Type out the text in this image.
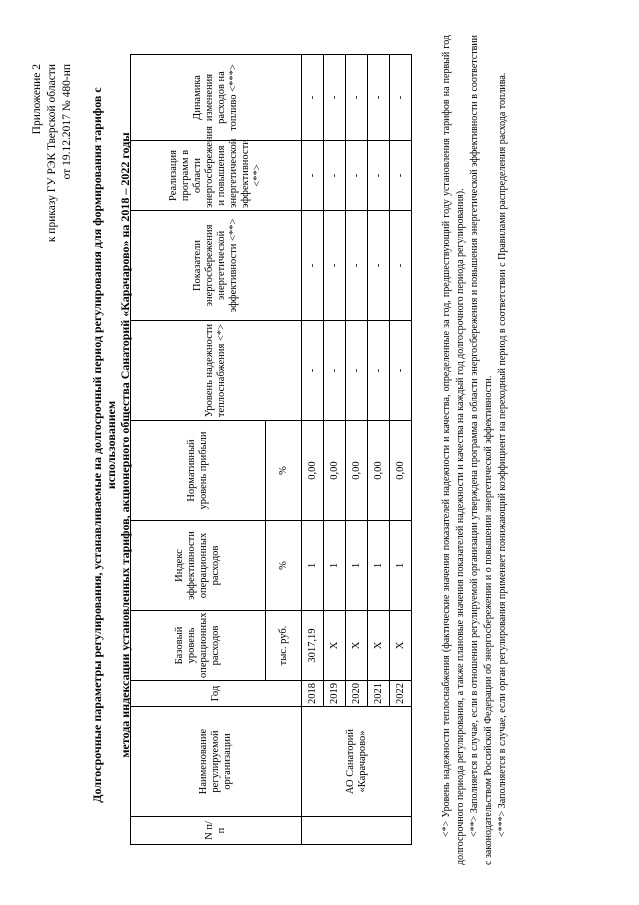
Приложение 2 к приказу ГУ РЭК Тверской области от 19.12.2017 № 480-нп Долгосрочные параметры регулирования, устанавливаемые на долгосрочный период регулирования для формирования тарифов с использованием метода индексации установленных тарифов, акционерного общества Санаторий «Карачарово» на 2018 – 2022 годы
N п/п	Наименование регулируемой организации	Год	Базовый уровень операционных расходов	Индекс эффективности операционных расходов	Нормативный уровень прибыли	Уровень надежности теплоснабжения <*>	Показатели энергосбережения энергетической эффективности <**>	Реализация программ в области энергосбережения и повышения энергетической эффективности <**>	Динамика изменения расходов на топливо <***>
			тыс. руб.	%	%				
	АО Санаторий «Карачарово»	2018	3017,19	1	0,00	-	-	-	-
		2019	Х	1	0,00	-	-	-	-
		2020	Х	1	0,00	-	-	-	-
		2021	Х	1	0,00	-	-	-	-
		2022	Х	1	0,00	-	-	-	-	<*> Уровень надежности теплоснабжения (фактические значения показателей надежности и качества, определенные за год, предшествующий году установления тарифов на первый год долгосрочного периода регулирования, а также плановые значения показателей надежности и качества на каждый год долгосрочного периода регулирования). <**> Заполняется в случае, если в отношении регулируемой организации утверждена программа в области энергосбережения и повышения энергетической эффективности в соответствии с законодательством Российской Федерации об энергосбережении и о повышении энергетической эффективности. <***> Заполняется в случае, если орган регулирования применяет понижающий коэффициент на переходный период в соответствии с Правилами распределения расхода топлива.
